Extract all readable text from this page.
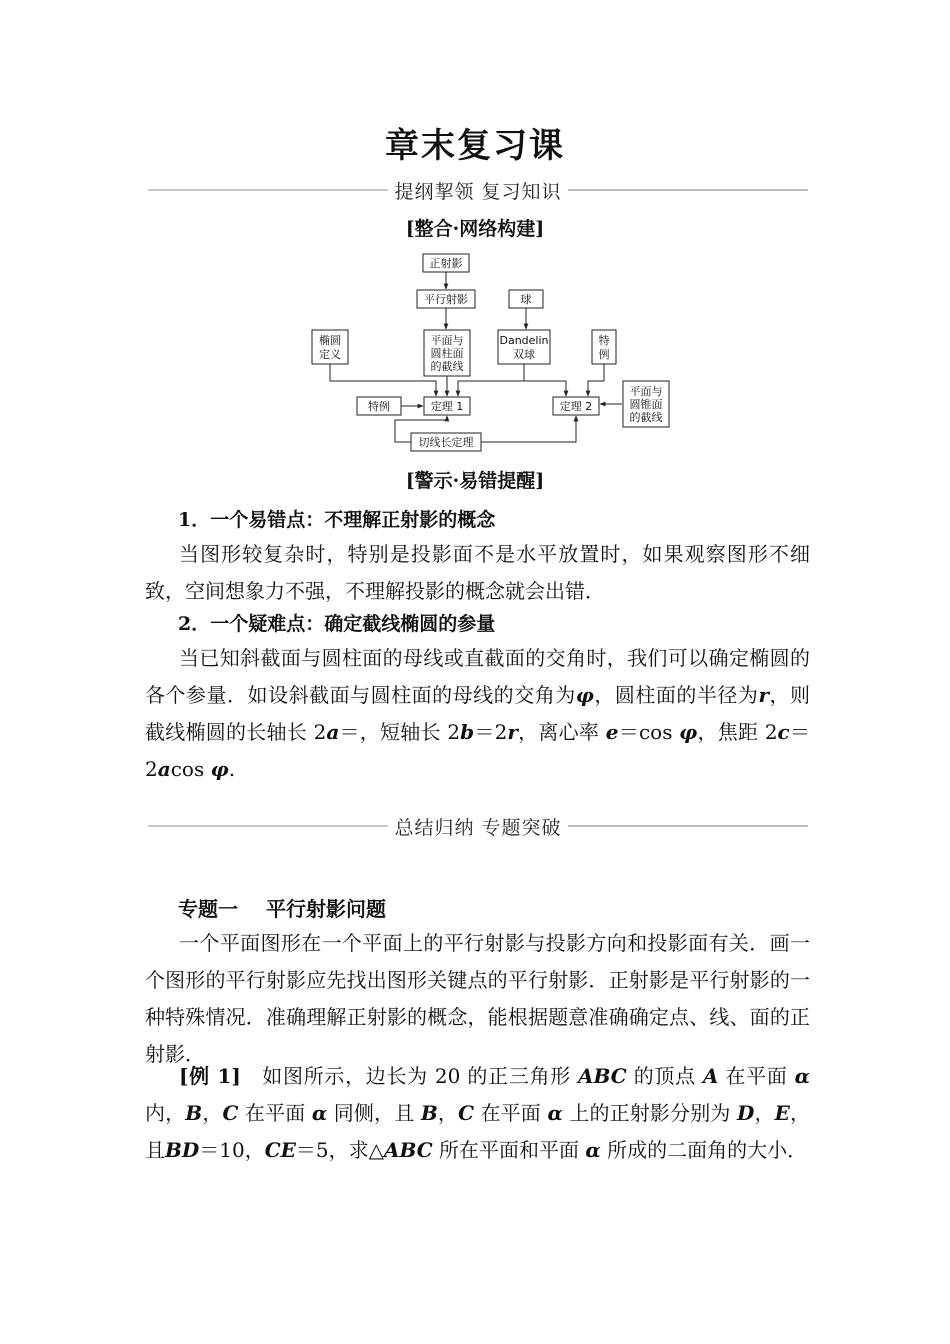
章末复习课
提纲挈领 复习知识
[整合·网络构建]
正射影
平行射影	球
椭圆
定义
平面与
圆柱面
的截线
Dandelin
双球
特
例
特例	定理 1	定理 2
平面与
圆锥面
的截线
切线长定理
[警示·易错提醒]

1．一个易错点：不理解正射影的概念

当图形较复杂时，特别是投影面不是水平放置时，如果观察图形不细致，空间想象力不强，不理解投影的概念就会出错．

2．一个疑难点：确定截线椭圆的参量

当已知斜截面与圆柱面的母线或直截面的交角时，我们可以确定椭圆的各个参量．如设斜截面与圆柱面的母线的交角为φ，圆柱面的半径为r，则截线椭圆的长轴长 2a＝，短轴长 2b＝2r，离心率 e＝cos φ，焦距 2c＝2acos φ.

总结归纳 专题突破

专题一 平行射影问题

一个平面图形在一个平面上的平行射影与投影方向和投影面有关．画一个图形的平行射影应先找出图形关键点的平行射影．正射影是平行射影的一种特殊情况．准确理解正射影的概念，能根据题意准确确定点、线、面的正射影．

[例 1]　如图所示，边长为 20 的正三角形 ABC 的顶点 A 在平面 α内，B，C 在平面 α 同侧，且 B，C 在平面 α 上的正射影分别为 D，E，且BD＝10，CE＝5，求△ABC 所在平面和平面 α 所成的二面角的大小．
